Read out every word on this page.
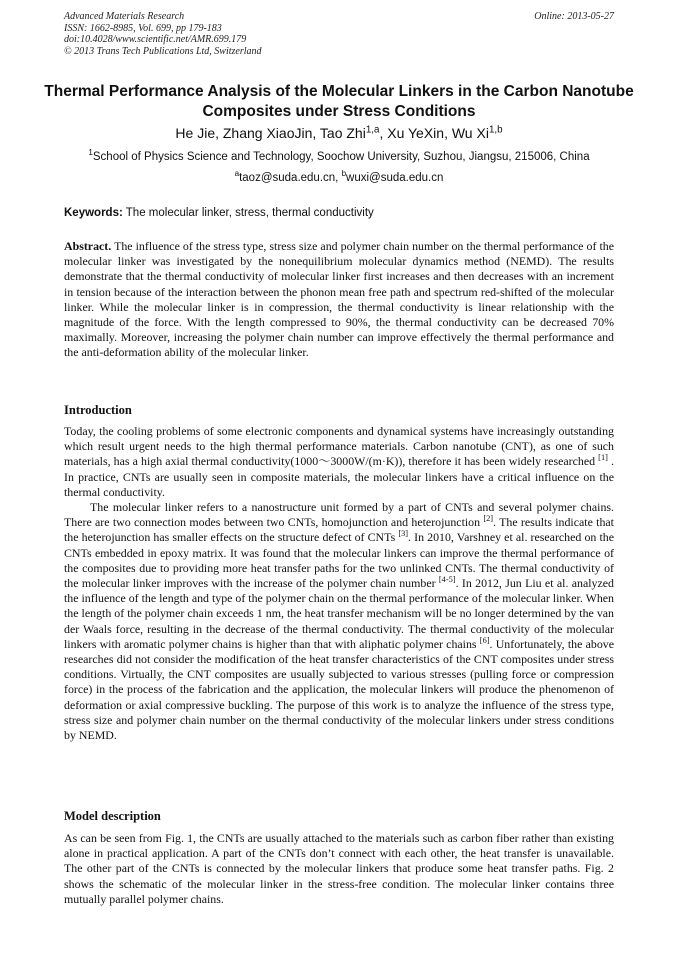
Advanced Materials Research
ISSN: 1662-8985, Vol. 699, pp 179-183
doi:10.4028/www.scientific.net/AMR.699.179
© 2013 Trans Tech Publications Ltd, Switzerland
Online: 2013-05-27
Thermal Performance Analysis of the Molecular Linkers in the Carbon Nanotube Composites under Stress Conditions
He Jie, Zhang XiaoJin, Tao Zhi$^{1,a}$, Xu YeXin, Wu Xi$^{1,b}$
$^1$School of Physics Science and Technology, Soochow University, Suzhou, Jiangsu, 215006, China
$^a$taoz@suda.edu.cn, $^b$wuxi@suda.edu.cn
Keywords: The molecular linker, stress, thermal conductivity

Abstract. The influence of the stress type, stress size and polymer chain number on the thermal performance of the molecular linker was investigated by the nonequilibrium molecular dynamics method (NEMD). The results demonstrate that the thermal conductivity of molecular linker first increases and then decreases with an increment in tension because of the interaction between the phonon mean free path and spectrum red-shifted of the molecular linker. While the molecular linker is in compression, the thermal conductivity is linear relationship with the magnitude of the force. With the length compressed to 90%, the thermal conductivity can be decreased 70% maximally. Moreover, increasing the polymer chain number can improve effectively the thermal performance and the anti-deformation ability of the molecular linker.

Introduction

Today, the cooling problems of some electronic components and dynamical systems have increasingly outstanding which result urgent needs to the high thermal performance materials. Carbon nanotube (CNT), as one of such materials, has a high axial thermal conductivity(1000～3000W/(m·K)), therefore it has been widely researched [1] . In practice, CNTs are usually seen in composite materials, the molecular linkers have a critical influence on the thermal conductivity.

The molecular linker refers to a nanostructure unit formed by a part of CNTs and several polymer chains. There are two connection modes between two CNTs, homojunction and heterojunction [2]. The results indicate that the heterojunction has smaller effects on the structure defect of CNTs [3]. In 2010, Varshney et al. researched on the CNTs embedded in epoxy matrix. It was found that the molecular linkers can improve the thermal performance of the composites due to providing more heat transfer paths for the two unlinked CNTs. The thermal conductivity of the molecular linker improves with the increase of the polymer chain number [4-5]. In 2012, Jun Liu et al. analyzed the influence of the length and type of the polymer chain on the thermal performance of the molecular linker. When the length of the polymer chain exceeds 1 nm, the heat transfer mechanism will be no longer determined by the van der Waals force, resulting in the decrease of the thermal conductivity. The thermal conductivity of the molecular linkers with aromatic polymer chains is higher than that with aliphatic polymer chains [6]. Unfortunately, the above researches did not consider the modification of the heat transfer characteristics of the CNT composites under stress conditions. Virtually, the CNT composites are usually subjected to various stresses (pulling force or compression force) in the process of the fabrication and the application, the molecular linkers will produce the phenomenon of deformation or axial compressive buckling. The purpose of this work is to analyze the influence of the stress type, stress size and polymer chain number on the thermal conductivity of the molecular linkers under stress conditions by NEMD.

Model description

As can be seen from Fig. 1, the CNTs are usually attached to the materials such as carbon fiber rather than existing alone in practical application. A part of the CNTs don’t connect with each other, the heat transfer is unavailable. The other part of the CNTs is connected by the molecular linkers that produce some heat transfer paths. Fig. 2 shows the schematic of the molecular linker in the stress-free condition. The molecular linker contains three mutually parallel polymer chains.
